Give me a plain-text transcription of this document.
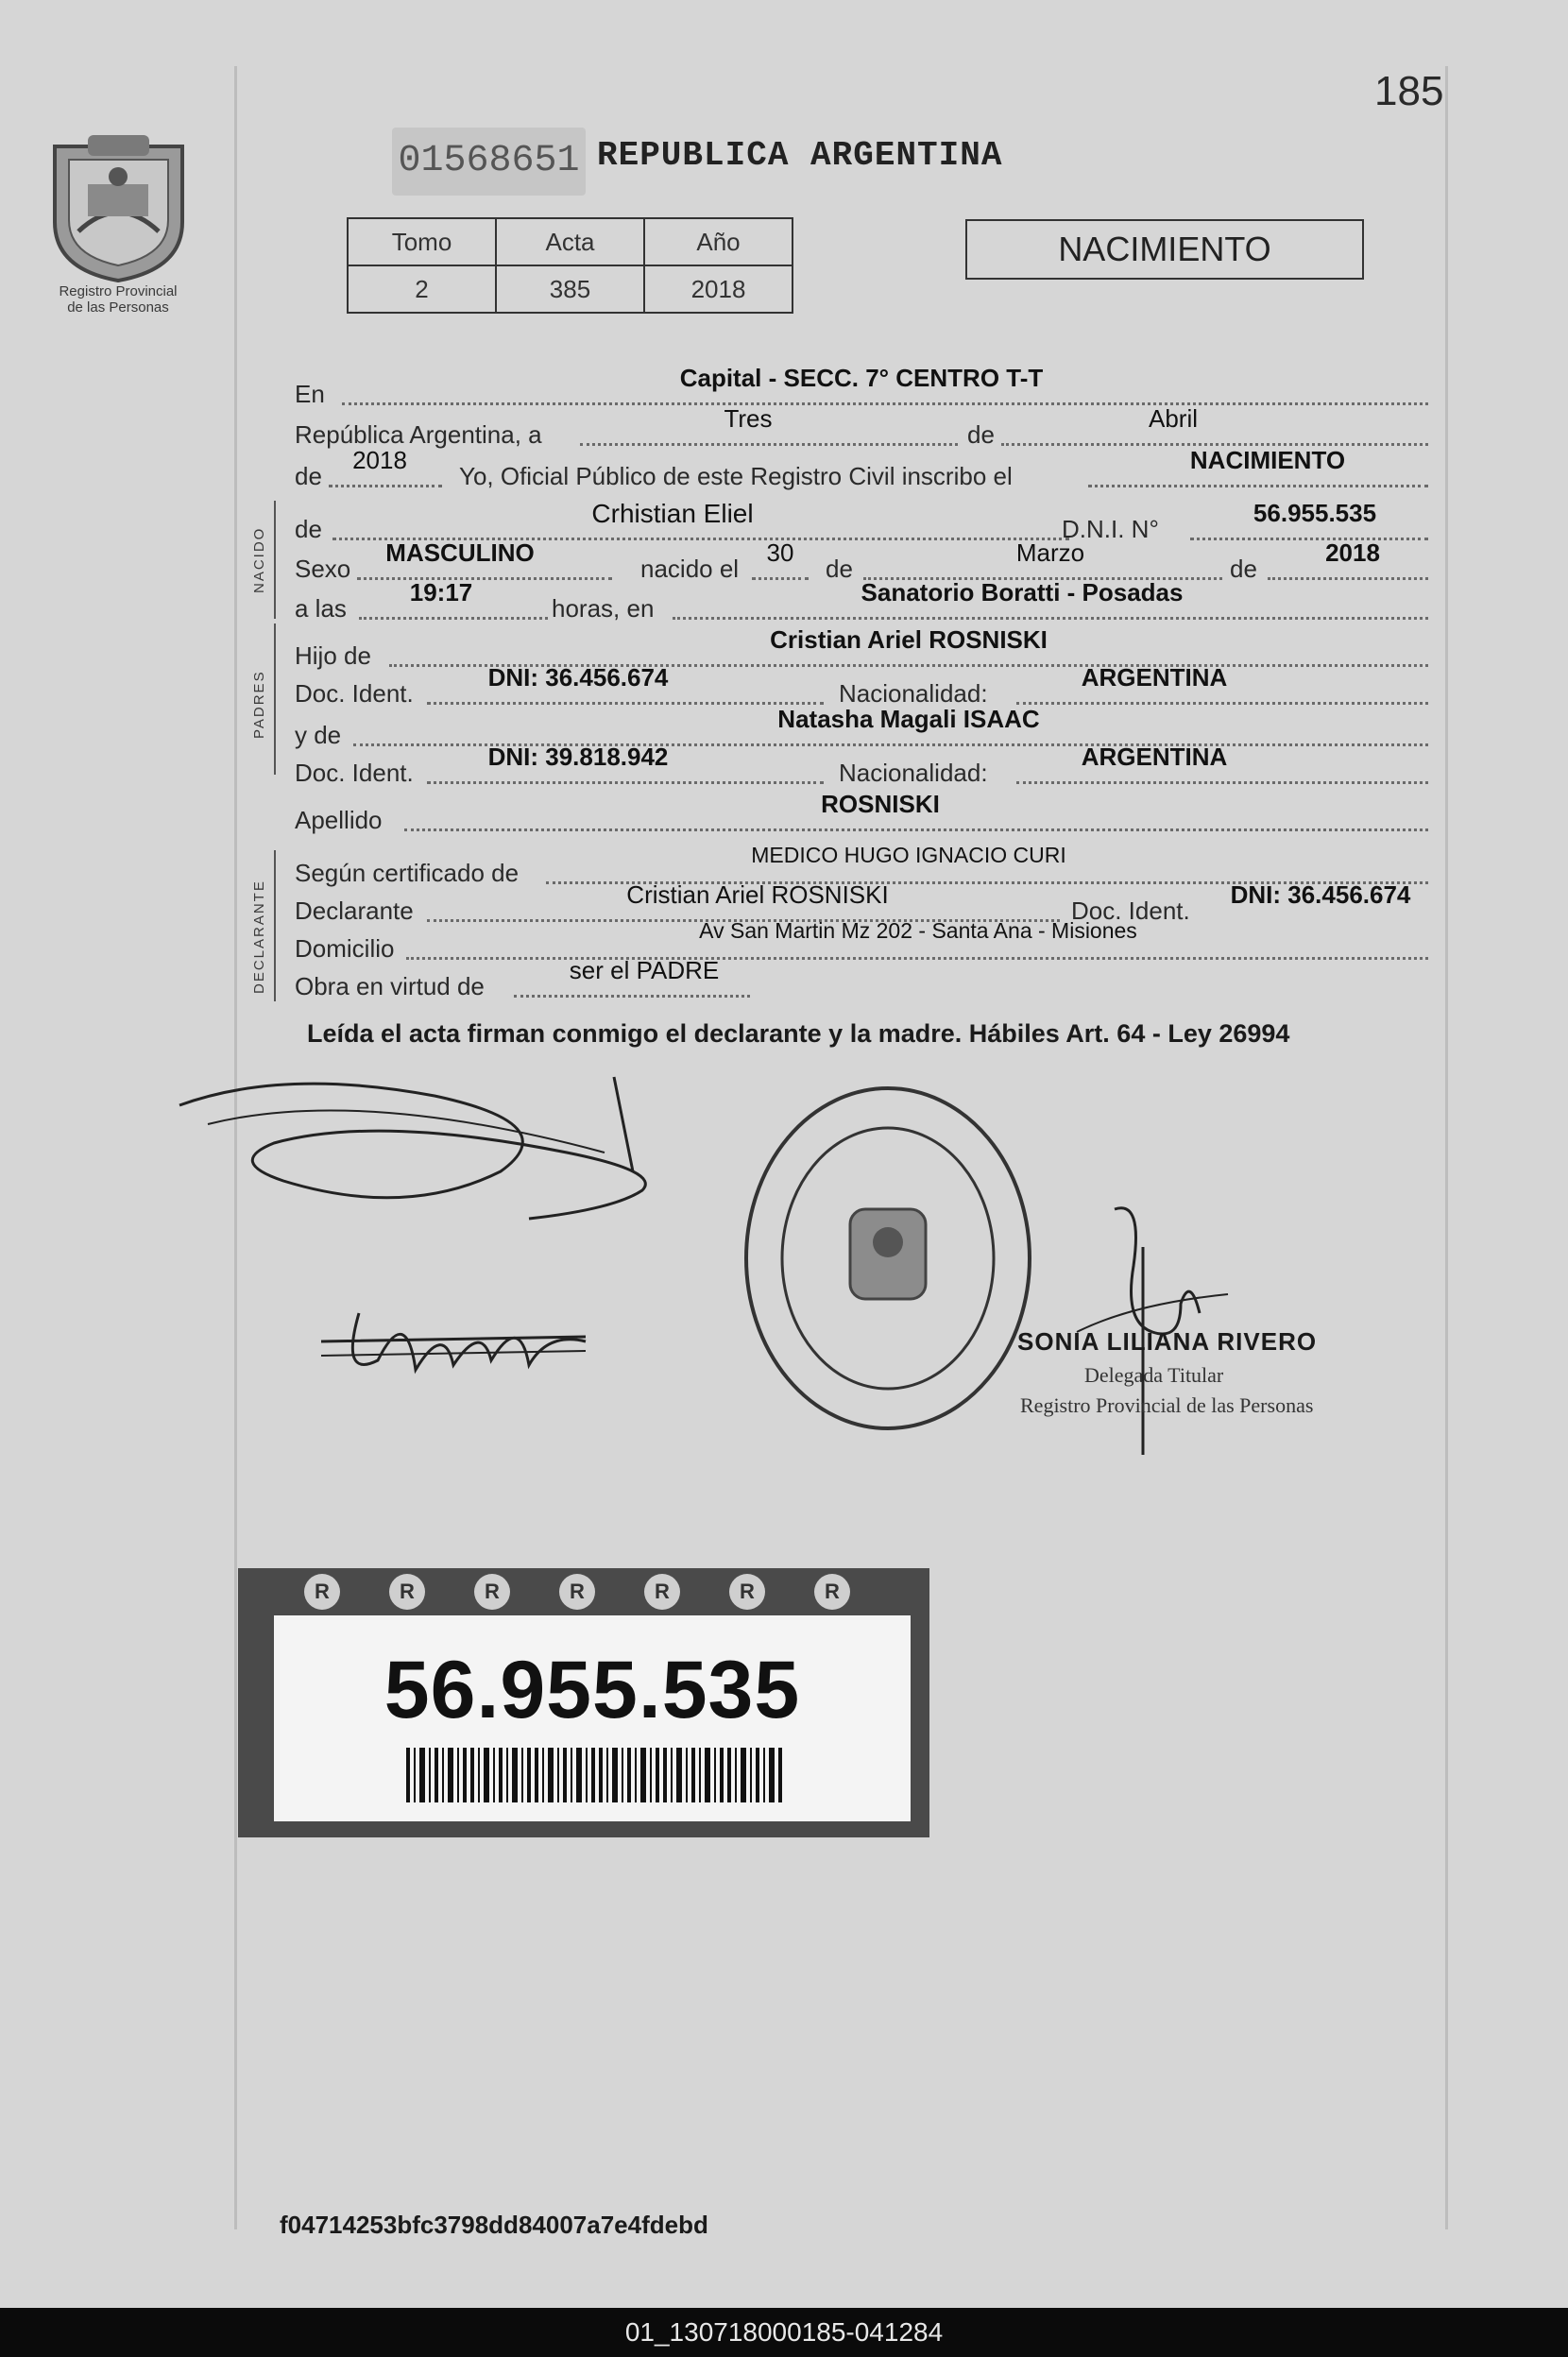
185
Registro Provincial
de las Personas
01568651 REPUBLICA ARGENTINA
Tomo	Acta	Año
2	385	2018
NACIMIENTO
En
Capital - SECC. 7° CENTRO T-T
República Argentina, a
Tres
de
Abril
de
2018
Yo, Oficial Público de este Registro Civil inscribo el
NACIMIENTO
NACIDO de
Crhistian Eliel
D.N.I. N°
56.955.535
Sexo
MASCULINO
nacido el
30
de
Marzo
de
2018
a las
19:17
horas, en
Sanatorio Boratti - Posadas
PADRES
Hijo de
Cristian Ariel ROSNISKI
Doc. Ident.
DNI: 36.456.674
Nacionalidad:
ARGENTINA
y de
Natasha Magali ISAAC
Doc. Ident.
DNI: 39.818.942
Nacionalidad:
ARGENTINA
Apellido
ROSNISKI
DECLARANTE
Según certificado de
MEDICO HUGO IGNACIO CURI
Declarante
Cristian Ariel ROSNISKI
Doc. Ident.
DNI: 36.456.674
Domicilio
Av San Martin Mz 202 - Santa Ana - Misiones
Obra en virtud de
ser el PADRE
Leída el acta firman conmigo el declarante y la madre. Hábiles Art. 64 - Ley 26994
SONIA LILIANA RIVERO
Delegada Titular
Registro Provincial de las Personas
R	R	R	R	R	R	R
56.955.535
f04714253bfc3798dd84007a7e4fdebd
01_130718000185-041284
